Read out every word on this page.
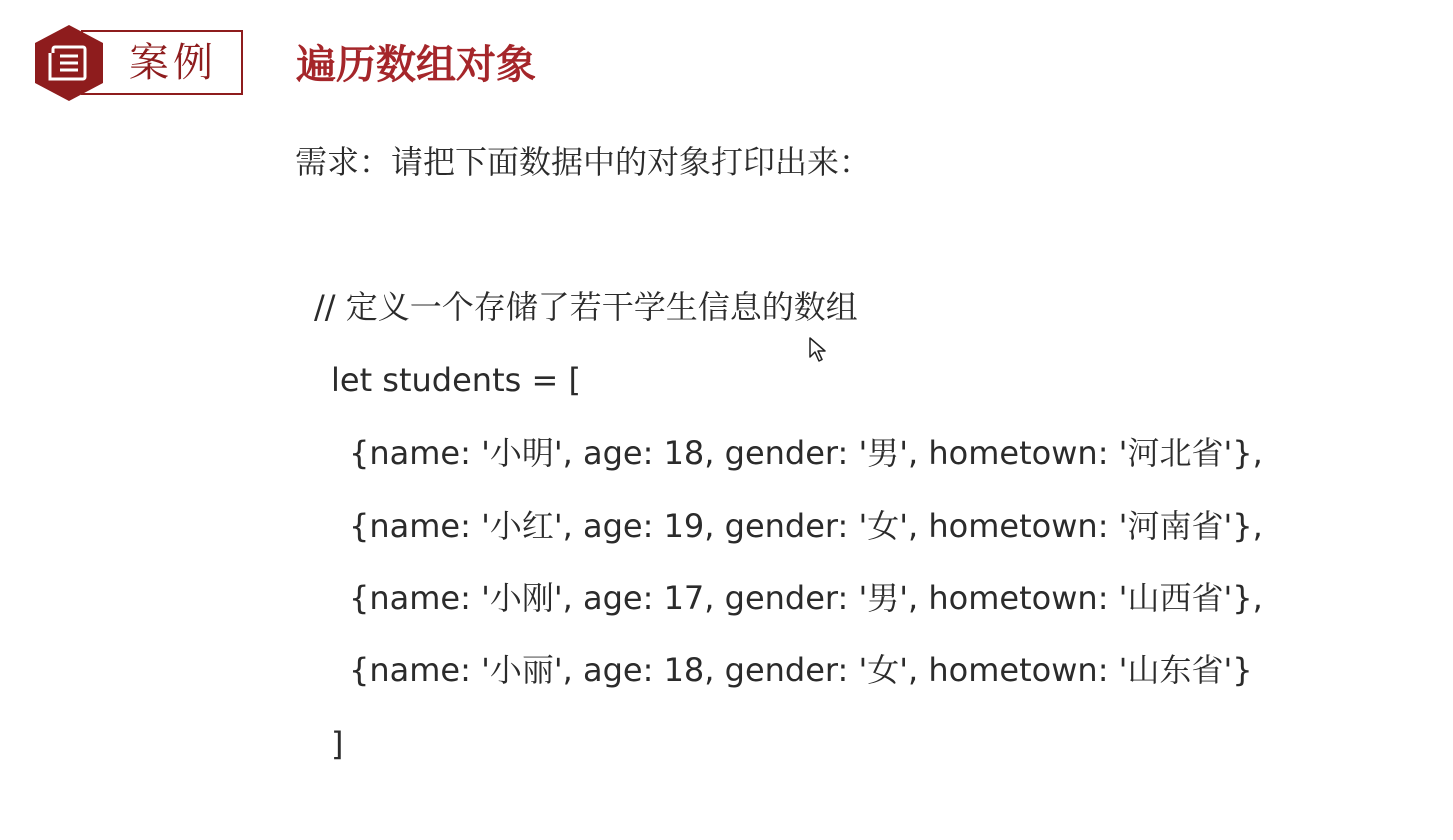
案例 遍历数组对象
需求：请把下面数据中的对象打印出来：
// 定义一个存储了若干学生信息的数组
let students = [
{name: '小明', age: 18, gender: '男', hometown: '河北省'},
{name: '小红', age: 19, gender: '女', hometown: '河南省'},
{name: '小刚', age: 17, gender: '男', hometown: '山西省'},
{name: '小丽', age: 18, gender: '女', hometown: '山东省'}
]
